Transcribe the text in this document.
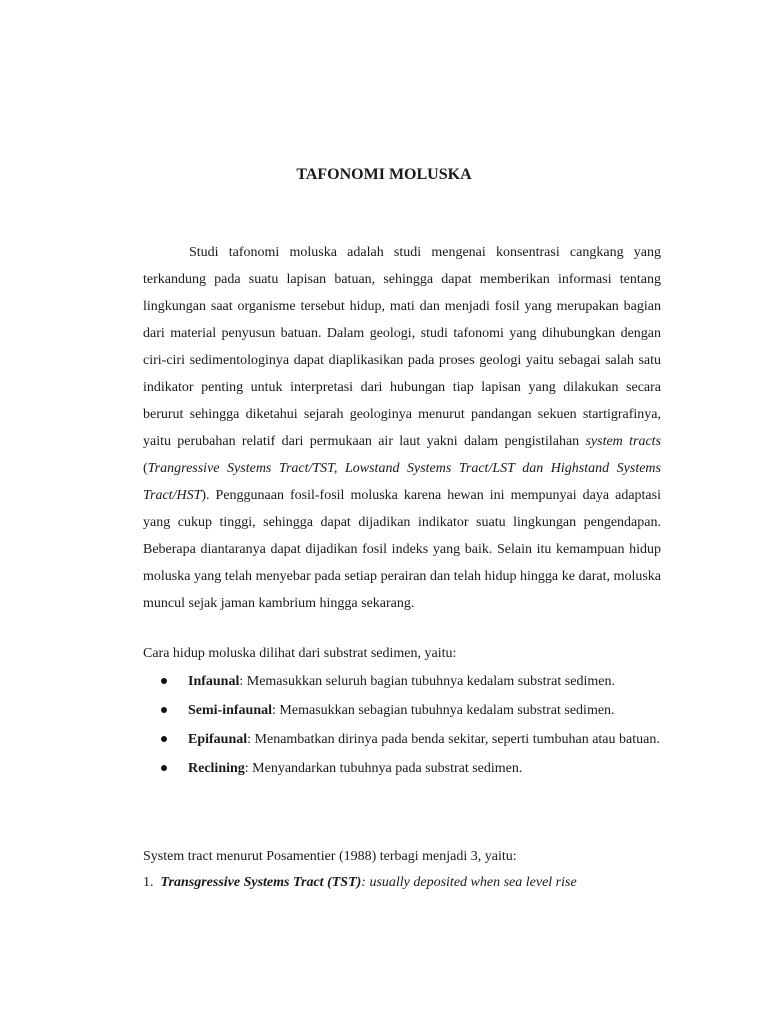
TAFONOMI MOLUSKA
Studi tafonomi moluska adalah studi mengenai konsentrasi cangkang yang terkandung pada suatu lapisan batuan, sehingga dapat memberikan informasi tentang lingkungan saat organisme tersebut hidup, mati dan menjadi fosil yang merupakan bagian dari material penyusun batuan. Dalam geologi, studi tafonomi yang dihubungkan dengan ciri-ciri sedimentologinya dapat diaplikasikan pada proses geologi yaitu sebagai salah satu indikator penting untuk interpretasi dari hubungan tiap lapisan yang dilakukan secara berurut sehingga diketahui sejarah geologinya menurut pandangan sekuen startigrafinya, yaitu perubahan relatif dari permukaan air laut yakni dalam pengistilahan system tracts (Trangressive Systems Tract/TST, Lowstand Systems Tract/LST dan Highstand Systems Tract/HST). Penggunaan fosil-fosil moluska karena hewan ini mempunyai daya adaptasi yang cukup tinggi, sehingga dapat dijadikan indikator suatu lingkungan pengendapan. Beberapa diantaranya dapat dijadikan fosil indeks yang baik. Selain itu kemampuan hidup moluska yang telah menyebar pada setiap perairan dan telah hidup hingga ke darat, moluska muncul sejak jaman kambrium hingga sekarang.
Cara hidup moluska dilihat dari substrat sedimen, yaitu:
Infaunal: Memasukkan seluruh bagian tubuhnya kedalam substrat sedimen.
Semi-infaunal: Memasukkan sebagian tubuhnya kedalam substrat sedimen.
Epifaunal: Menambatkan dirinya pada benda sekitar, seperti tumbuhan atau batuan.
Reclining: Menyandarkan tubuhnya pada substrat sedimen.
System tract menurut Posamentier (1988) terbagi menjadi 3, yaitu:
1. Transgressive Systems Tract (TST): usually deposited when sea level rise
